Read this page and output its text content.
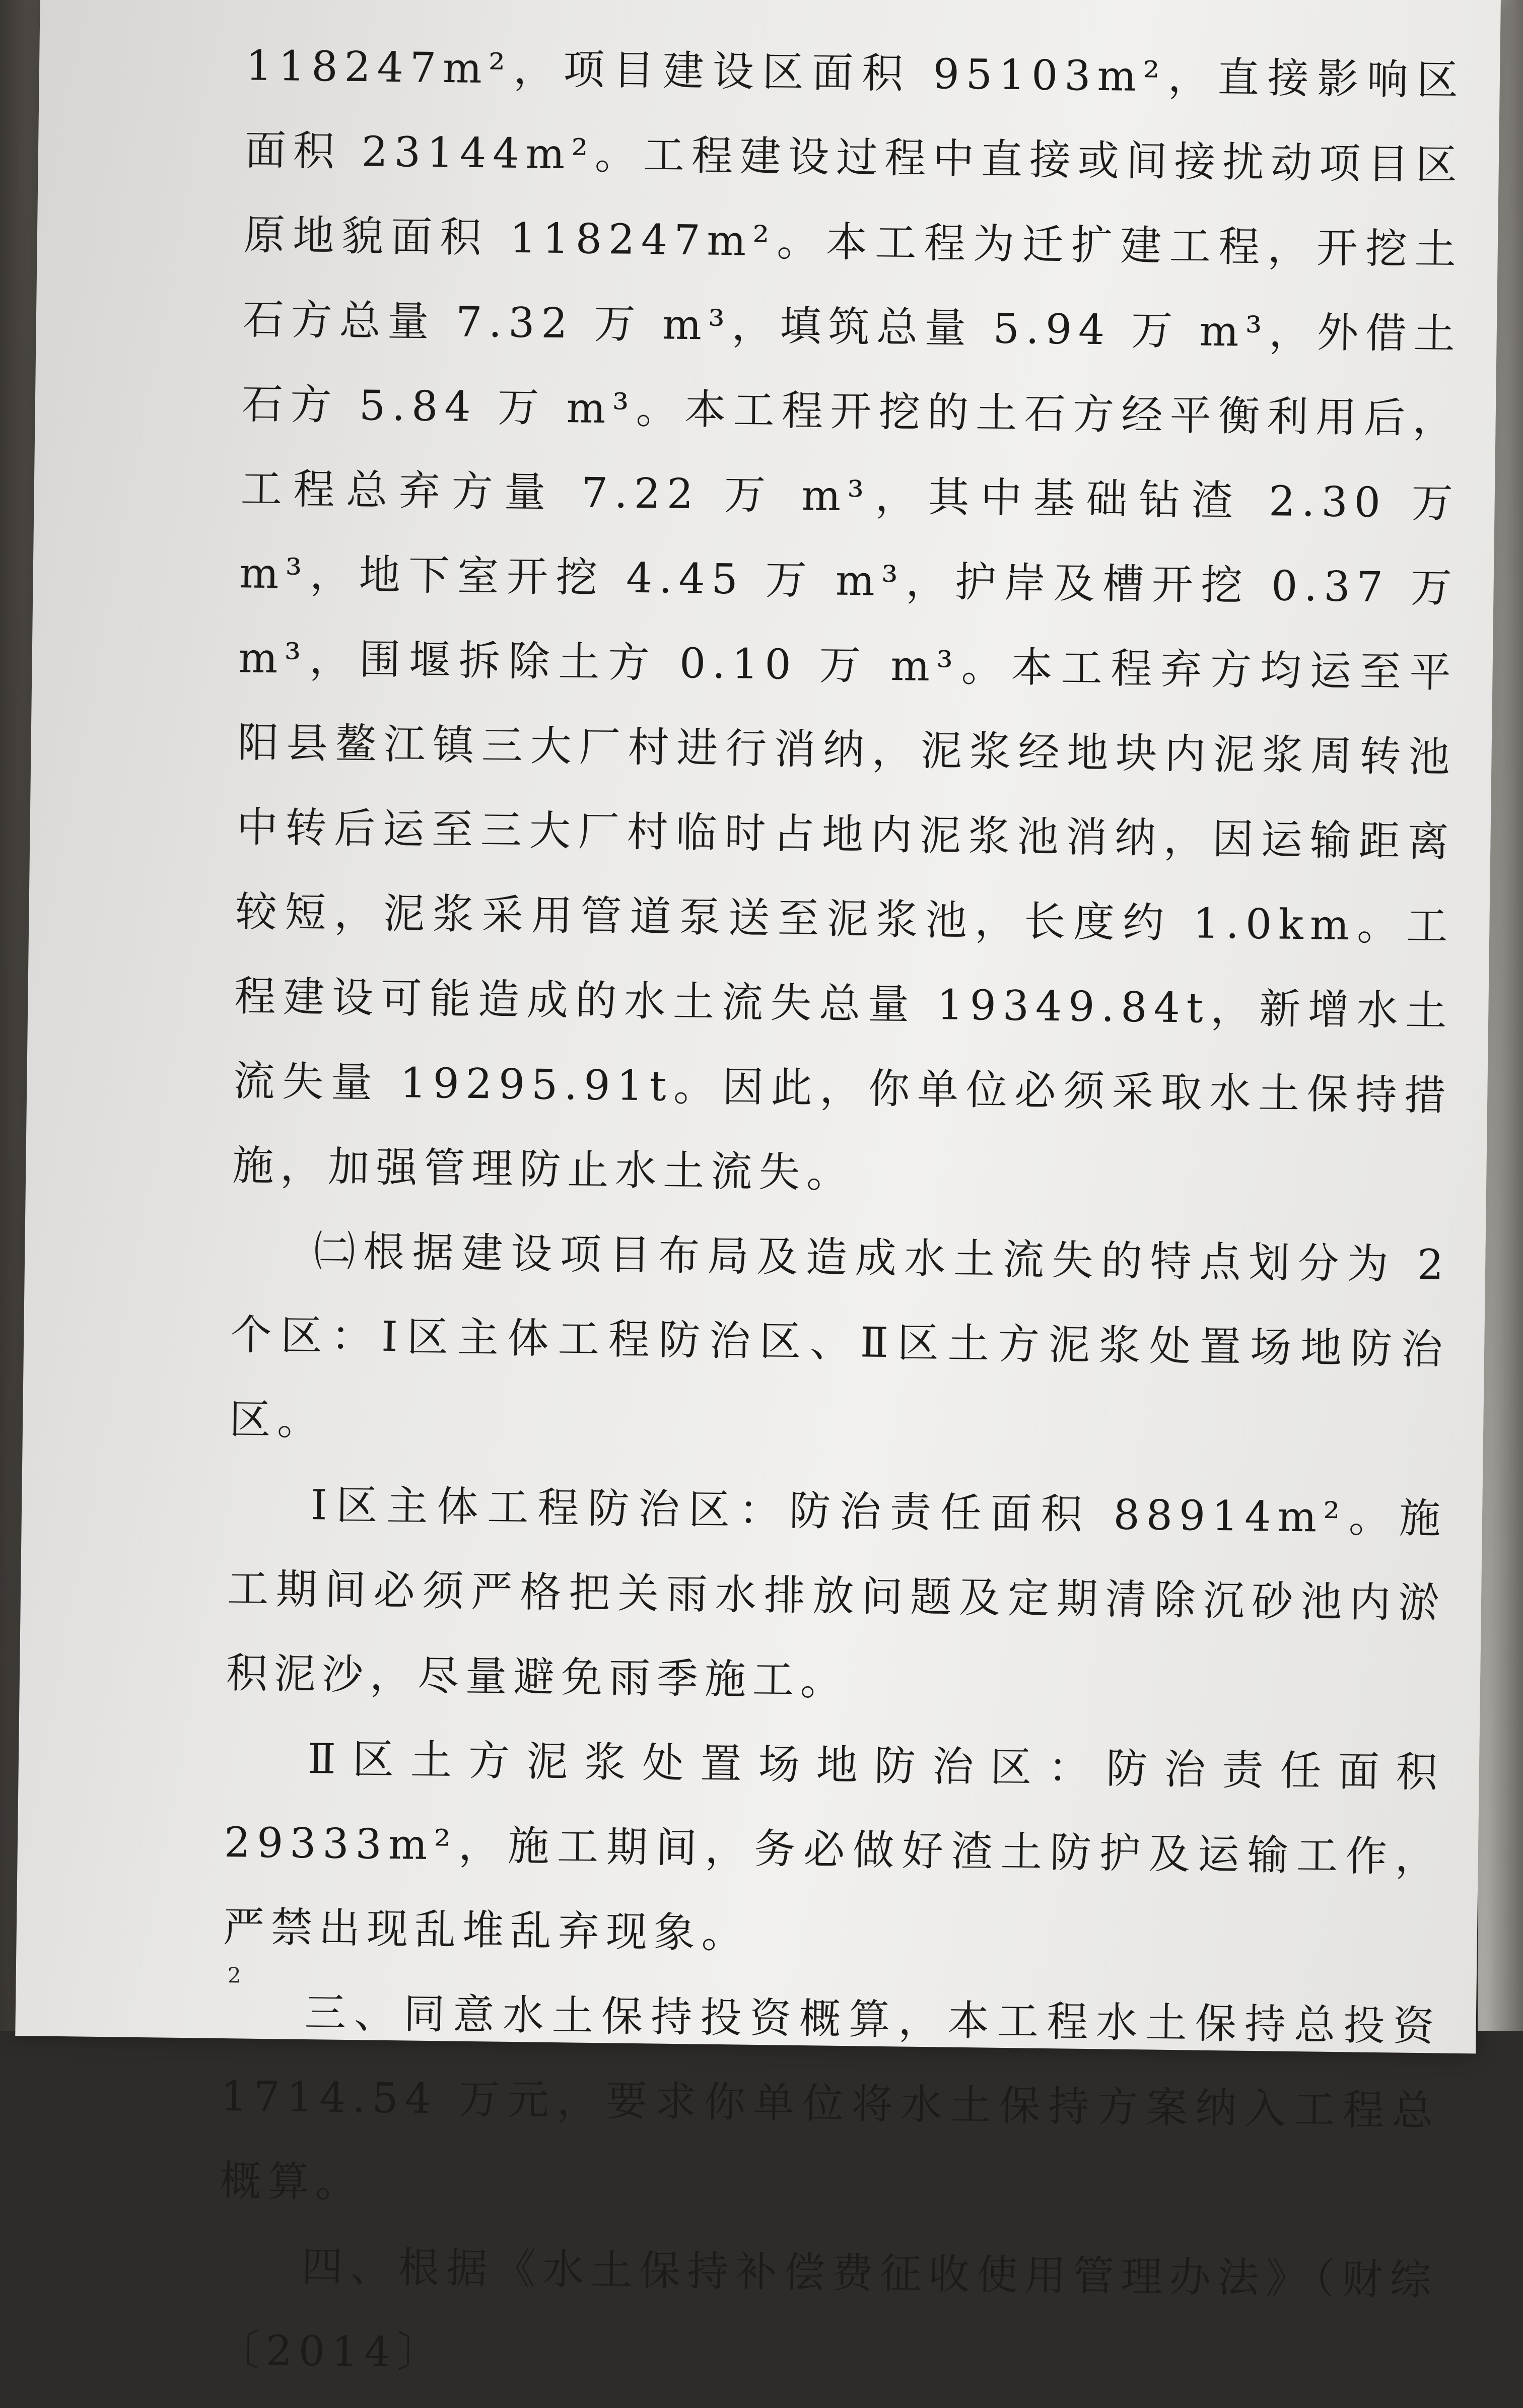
118247m²，项目建设区面积 95103m²，直接影响区面积 23144m²。工程建设过程中直接或间接扰动项目区原地貌面积 118247m²。本工程为迁扩建工程，开挖土石方总量 7.32 万 m³，填筑总量 5.94 万 m³，外借土石方 5.84 万 m³。本工程开挖的土石方经平衡利用后，工程总弃方量 7.22 万 m³，其中基础钻渣 2.30 万 m³，地下室开挖 4.45 万 m³，护岸及槽开挖 0.37 万 m³，围堰拆除土方 0.10 万 m³。本工程弃方均运至平阳县鳌江镇三大厂村进行消纳，泥浆经地块内泥浆周转池中转后运至三大厂村临时占地内泥浆池消纳，因运输距离较短，泥浆采用管道泵送至泥浆池，长度约 1.0km。工程建设可能造成的水土流失总量 19349.84t，新增水土流失量 19295.91t。因此，你单位必须采取水土保持措施，加强管理防止水土流失。

㈡根据建设项目布局及造成水土流失的特点划分为 2 个区：Ⅰ区主体工程防治区、Ⅱ区土方泥浆处置场地防治区。

Ⅰ区主体工程防治区：防治责任面积 88914m²。施工期间必须严格把关雨水排放问题及定期清除沉砂池内淤积泥沙，尽量避免雨季施工。

Ⅱ区土方泥浆处置场地防治区：防治责任面积 29333m²，施工期间，务必做好渣土防护及运输工作，严禁出现乱堆乱弃现象。

三、同意水土保持投资概算，本工程水土保持总投资 1714.54 万元，要求你单位将水土保持方案纳入工程总概算。

四、根据《水土保持补偿费征收使用管理办法》（财综〔2014〕

2
